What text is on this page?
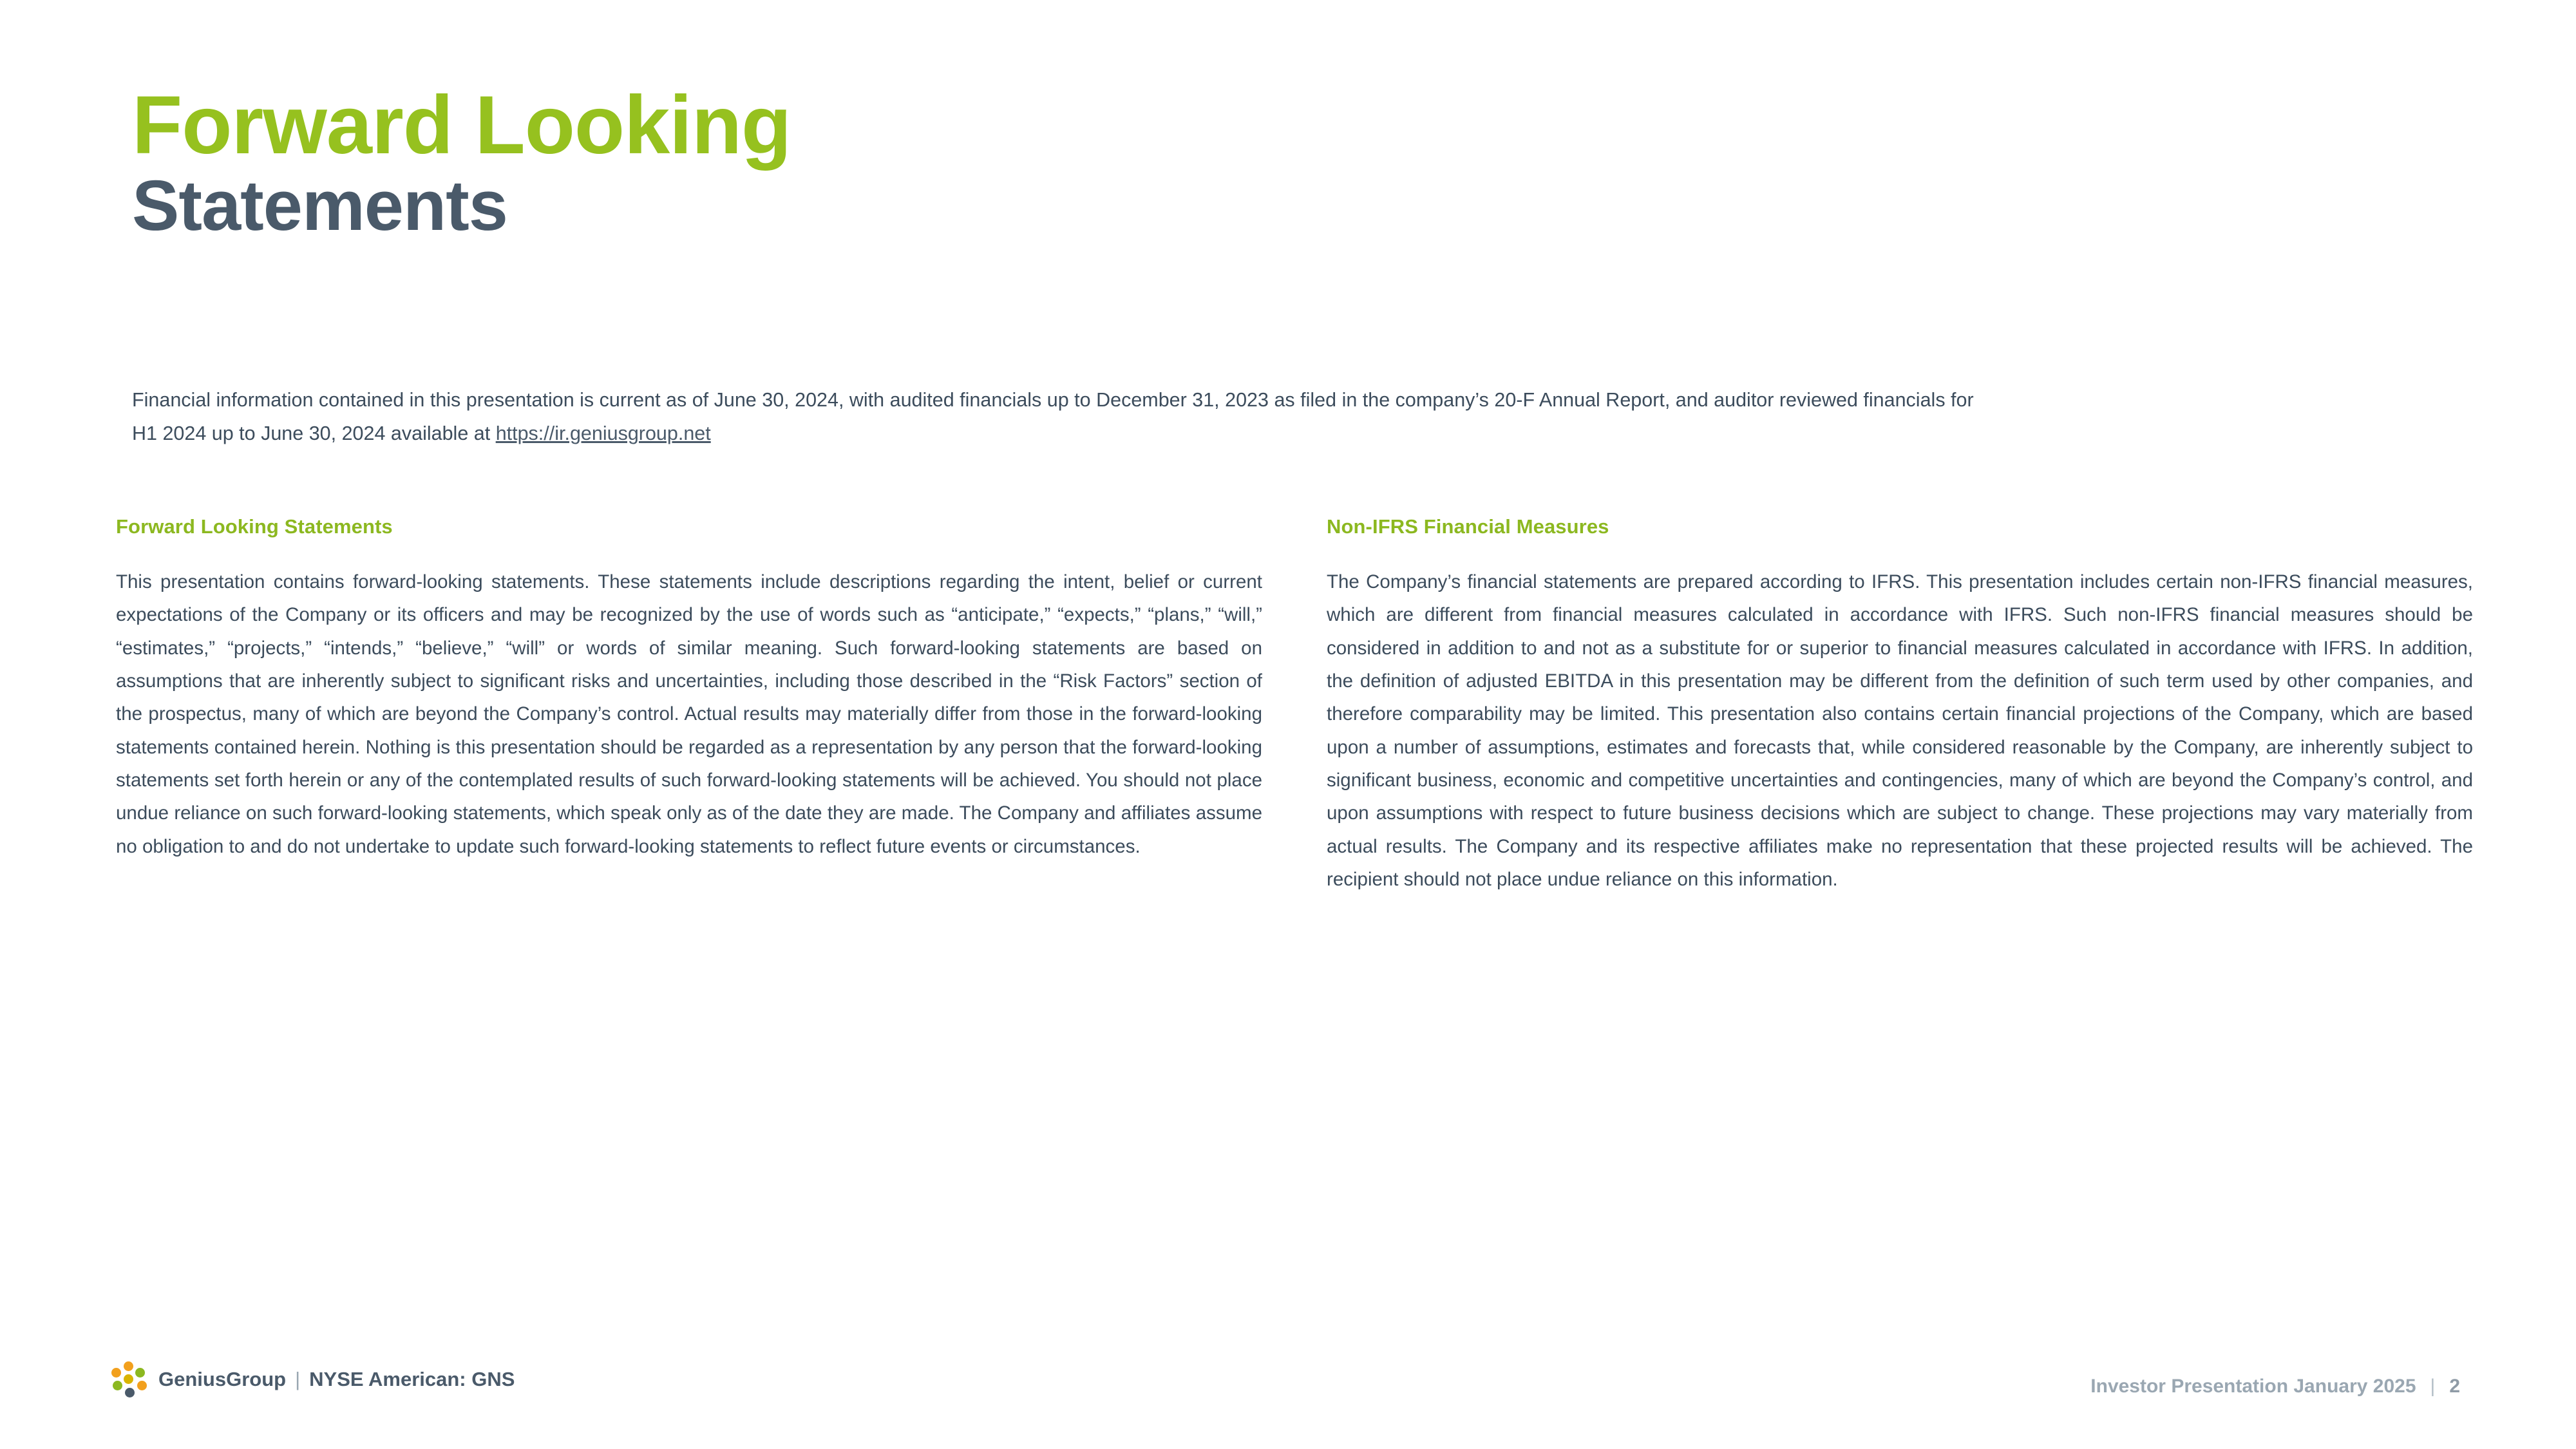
Forward Looking
Statements
Financial information contained in this presentation is current as of June 30, 2024, with audited financials up to December 31, 2023 as filed in the company’s 20-F Annual Report, and auditor reviewed financials for H1 2024 up to June 30, 2024 available at https://ir.geniusgroup.net
Forward Looking Statements

This presentation contains forward-looking statements. These statements include descriptions regarding the intent, belief or current expectations of the Company or its officers and may be recognized by the use of words such as “anticipate,” “expects,” “plans,” “will,” “estimates,” “projects,” “intends,” “believe,” “will” or words of similar meaning. Such forward-looking statements are based on assumptions that are inherently subject to significant risks and uncertainties, including those described in the “Risk Factors” section of the prospectus, many of which are beyond the Company’s control. Actual results may materially differ from those in the forward-looking statements contained herein. Nothing is this presentation should be regarded as a representation by any person that the forward-looking statements set forth herein or any of the contemplated results of such forward-looking statements will be achieved. You should not place undue reliance on such forward-looking statements, which speak only as of the date they are made. The Company and affiliates assume no obligation to and do not undertake to update such forward-looking statements to reflect future events or circumstances.

Non-IFRS Financial Measures

The Company’s financial statements are prepared according to IFRS. This presentation includes certain non-IFRS financial measures, which are different from financial measures calculated in accordance with IFRS. Such non-IFRS financial measures should be considered in addition to and not as a substitute for or superior to financial measures calculated in accordance with IFRS. In addition, the definition of adjusted EBITDA in this presentation may be different from the definition of such term used by other companies, and therefore comparability may be limited. This presentation also contains certain financial projections of the Company, which are based upon a number of assumptions, estimates and forecasts that, while considered reasonable by the Company, are inherently subject to significant business, economic and competitive uncertainties and contingencies, many of which are beyond the Company’s control, and upon assumptions with respect to future business decisions which are subject to change. These projections may vary materially from actual results. The Company and its respective affiliates make no representation that these projected results will be achieved. The recipient should not place undue reliance on this information.

GeniusGroup | NYSE American: GNS	Investor Presentation January 2025 | 2
